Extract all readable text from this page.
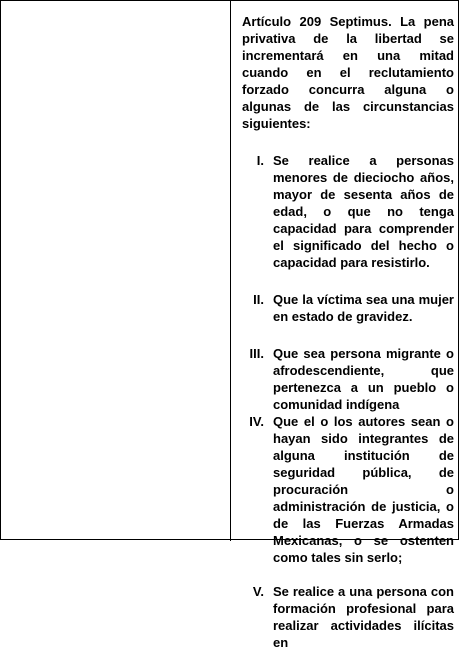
Artículo 209 Septimus. La pena privativa de la libertad se incrementará en una mitad cuando en el reclutamiento forzado concurra alguna o algunas de las circunstancias siguientes:

I. Se realice a personas menores de dieciocho años, mayor de sesenta años de edad, o que no tenga capacidad para comprender el significado del hecho o capacidad para resistirlo.
II. Que la víctima sea una mujer en estado de gravidez.
III. Que sea persona migrante o afrodescendiente, que pertenezca a un pueblo o comunidad indígena
IV. Que el o los autores sean o hayan sido integrantes de alguna institución de seguridad pública, de procuración o administración de justicia, o de las Fuerzas Armadas Mexicanas, o se ostenten como tales sin serlo;
V. Se realice a una persona con formación profesional para realizar actividades ilícitas en
